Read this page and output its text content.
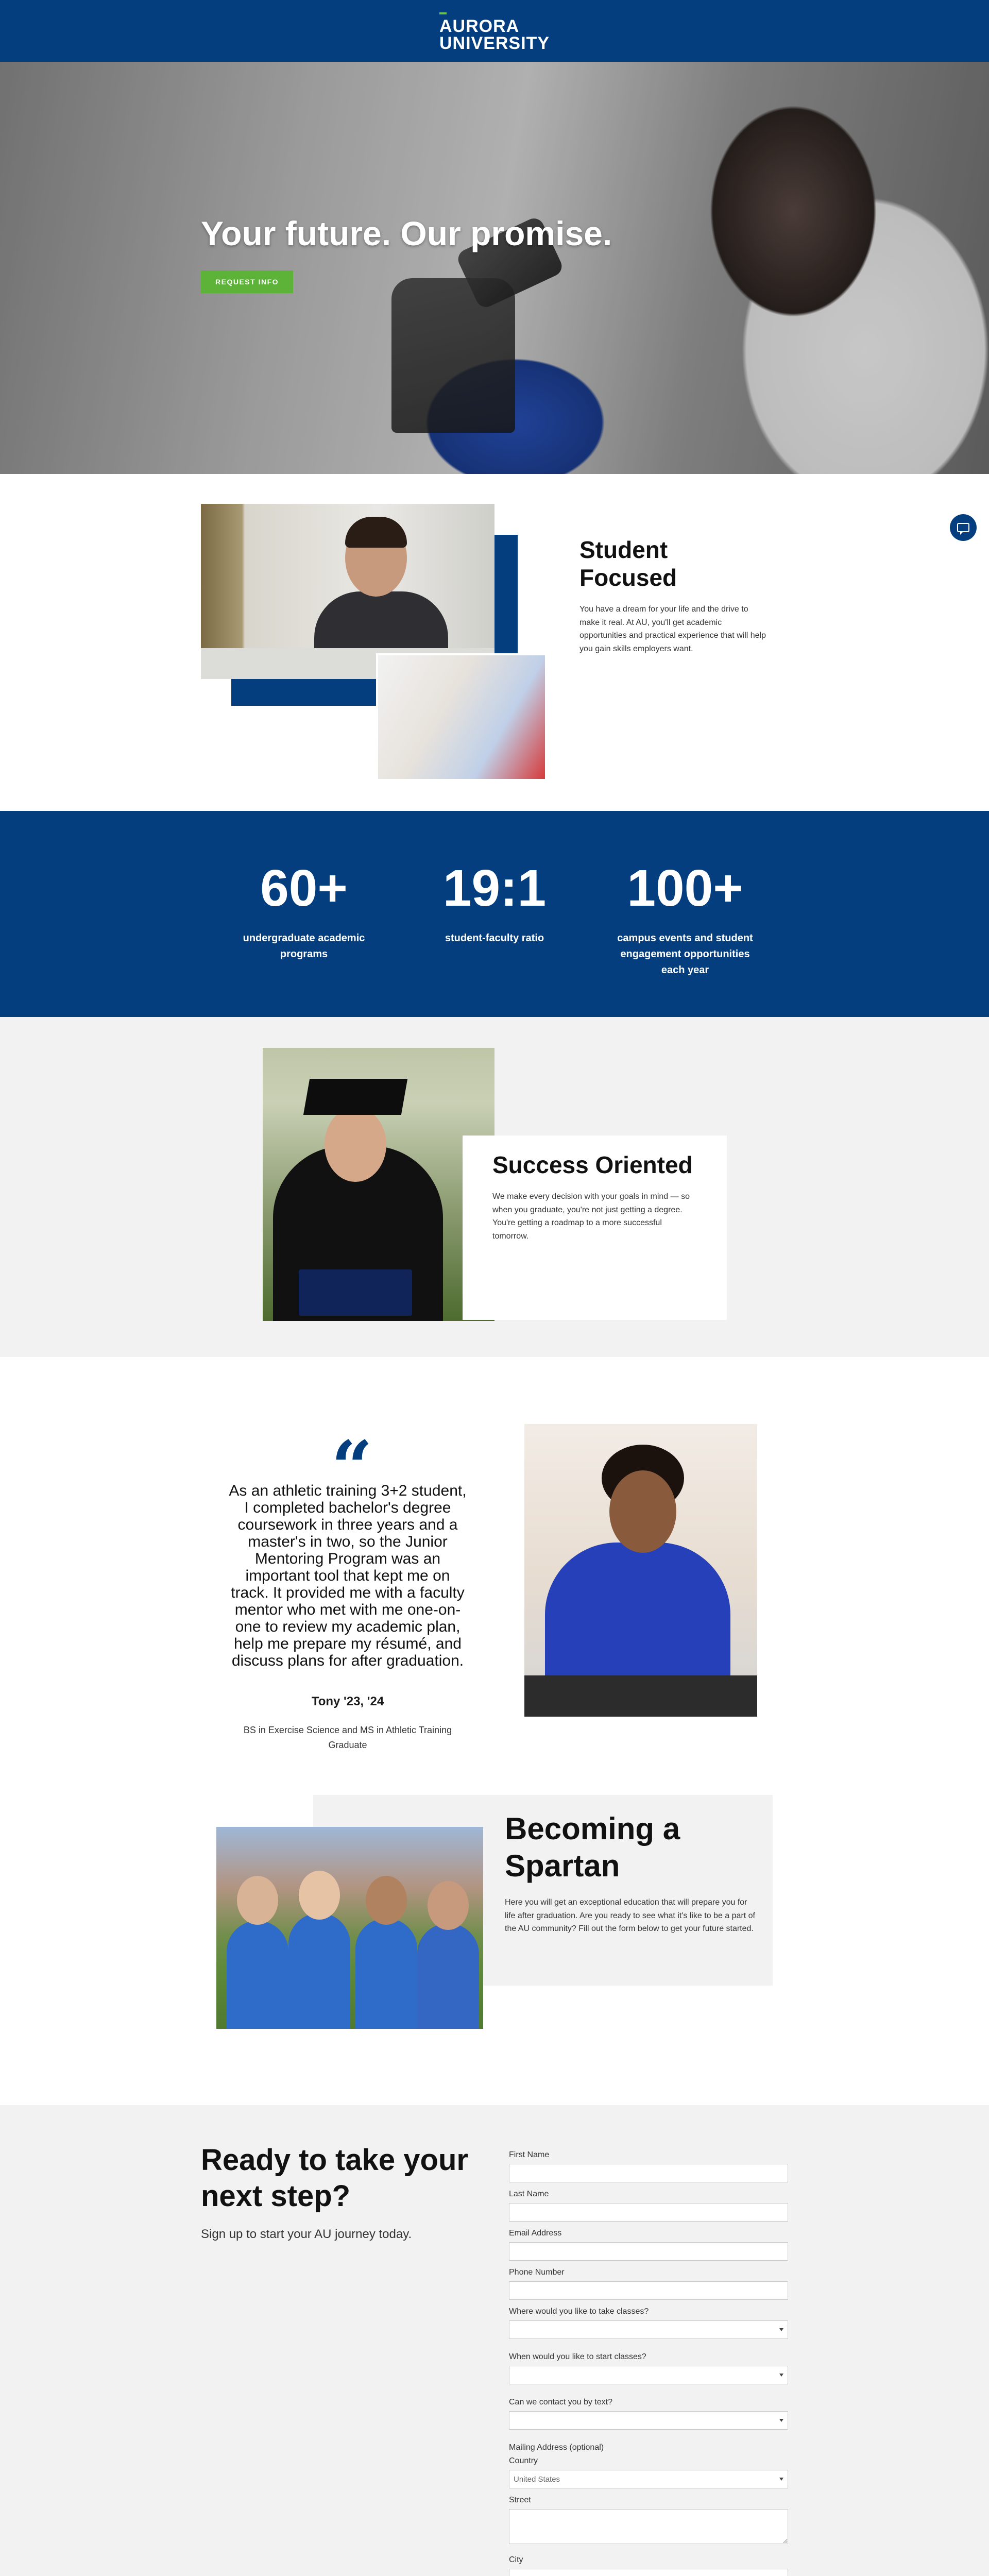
AURORA
UNIVERSITY
Your future. Our promise.
REQUEST INFO
Student Focused

You have a dream for your life and the drive to make it real. At AU, you'll get academic opportunities and practical experience that will help you gain skills employers want.

60+
undergraduate academic programs
19:1
student-faculty ratio
100+
campus events and student engagement opportunities each year
Success Oriented

We make every decision with your goals in mind — so when you graduate, you're not just getting a degree. You're getting a roadmap to a more successful tomorrow.

“

As an athletic training 3+2 student, I completed bachelor's degree coursework in three years and a master's in two, so the Junior Mentoring Program was an important tool that kept me on track. It provided me with a faculty mentor who met with me one-on-one to review my academic plan, help me prepare my résumé, and discuss plans for after graduation.

Tony '23, '24

BS in Exercise Science and MS in Athletic Training Graduate

Becoming a Spartan

Here you will get an exceptional education that will prepare you for life after graduation. Are you ready to see what it's like to be a part of the AU community? Fill out the form below to get your future started.

Ready to take your next step?

Sign up to start your AU journey today.

First Name
Last Name
Email Address
Phone Number
Where would you like to take classes?
When would you like to start classes?
Can we contact you by text?
Mailing Address (optional)
Country
United States
Street
City
